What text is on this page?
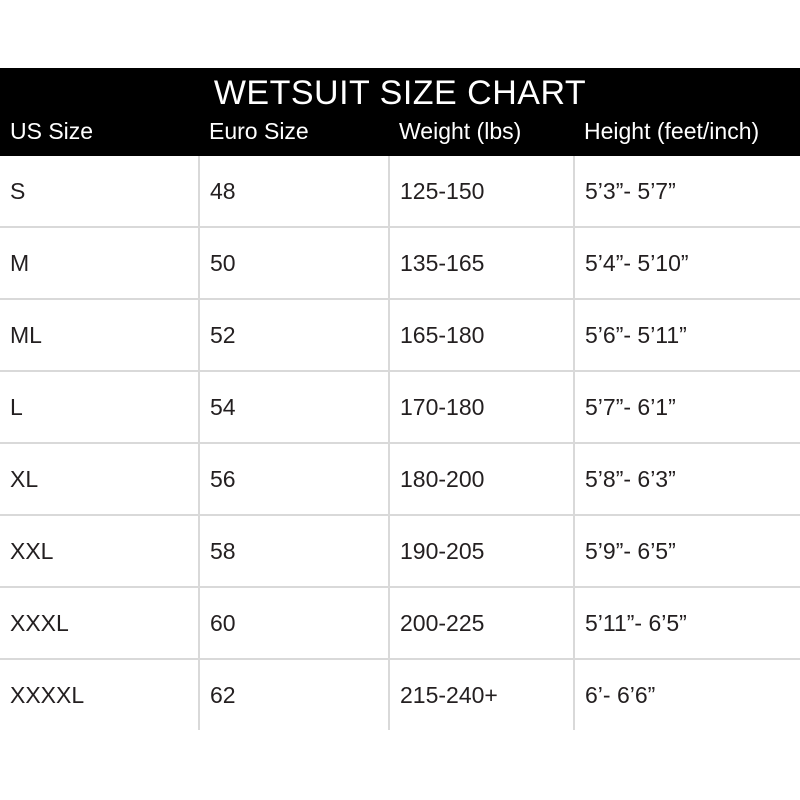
WETSUIT SIZE CHART
US Size	Euro Size	Weight (lbs)	Height (feet/inch)
S	48	125-150	5’3”- 5’7”
M	50	135-165	5’4”- 5’10”
ML	52	165-180	5’6”- 5’11”
L	54	170-180	5’7”- 6’1”
XL	56	180-200	5’8”- 6’3”
XXL	58	190-205	5’9”- 6’5”
XXXL	60	200-225	5’11”- 6’5”
XXXXL	62	215-240+	6’- 6’6”
